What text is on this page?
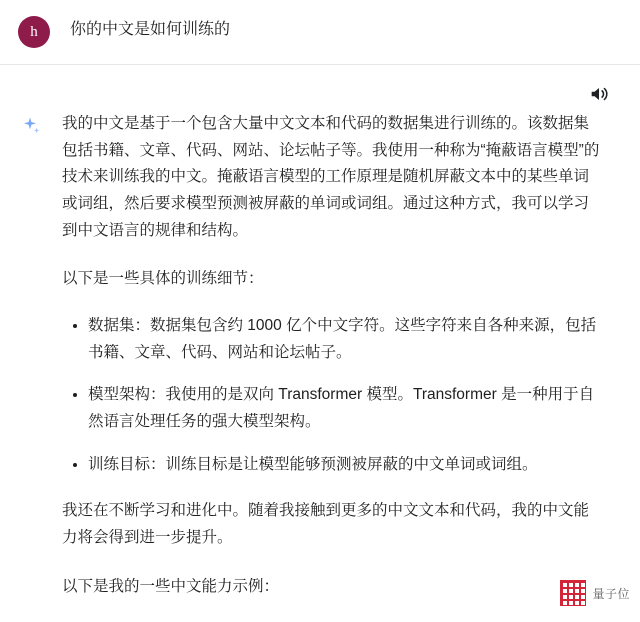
h	你的中文是如何训练的

我的中文是基于一个包含大量中文文本和代码的数据集进行训练的。该数据集包括书籍、文章、代码、网站、论坛帖子等。我使用一种称为“掩蔽语言模型”的技术来训练我的中文。掩蔽语言模型的工作原理是随机屏蔽文本中的某些单词或词组，然后要求模型预测被屏蔽的单词或词组。通过这种方式，我可以学习到中文语言的规律和结构。

以下是一些具体的训练细节：

• 数据集：数据集包含约 1000 亿个中文字符。这些字符来自各种来源，包括书籍、文章、代码、网站和论坛帖子。
• 模型架构：我使用的是双向 Transformer 模型。Transformer 是一种用于自然语言处理任务的强大模型架构。
• 训练目标：训练目标是让模型能够预测被屏蔽的中文单词或词组。

我还在不断学习和进化中。随着我接触到更多的中文文本和代码，我的中文能力将会得到进一步提升。

以下是我的一些中文能力示例：	量子位
